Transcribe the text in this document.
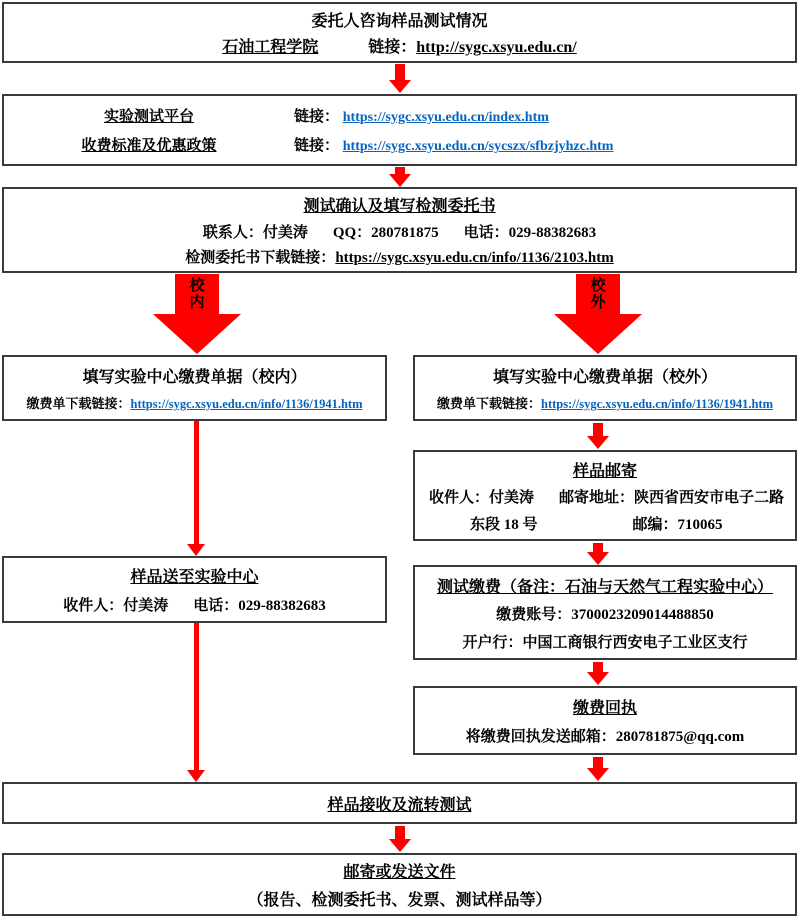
委托人咨询样品测试情况
石油工程学院	链接：http://sygc.xsyu.edu.cn/
实验测试平台	链接： https://sygc.xsyu.edu.cn/index.htm
收费标准及优惠政策	链接： https://sygc.xsyu.edu.cn/sycszx/sfbzjyhzc.htm
测试确认及填写检测委托书
联系人：付美涛 QQ：280781875 电话：029-88382683
检测委托书下载链接：https://sygc.xsyu.edu.cn/info/1136/2103.htm
校内
校外
填写实验中心缴费单据（校内）
缴费单下载链接：https://sygc.xsyu.edu.cn/info/1136/1941.htm
填写实验中心缴费单据（校外）
缴费单下载链接：https://sygc.xsyu.edu.cn/info/1136/1941.htm
样品邮寄
收件人：付美涛 邮寄地址：陕西省西安市电子二路
东段 18 号	邮编：710065
测试缴费（备注：石油与天然气工程实验中心）
缴费账号：3700023209014488850
开户行：中国工商银行西安电子工业区支行
缴费回执
将缴费回执发送邮箱：280781875@qq.com
样品送至实验中心
收件人：付美涛 电话：029-88382683
样品接收及流转测试
邮寄或发送文件
（报告、检测委托书、发票、测试样品等）
